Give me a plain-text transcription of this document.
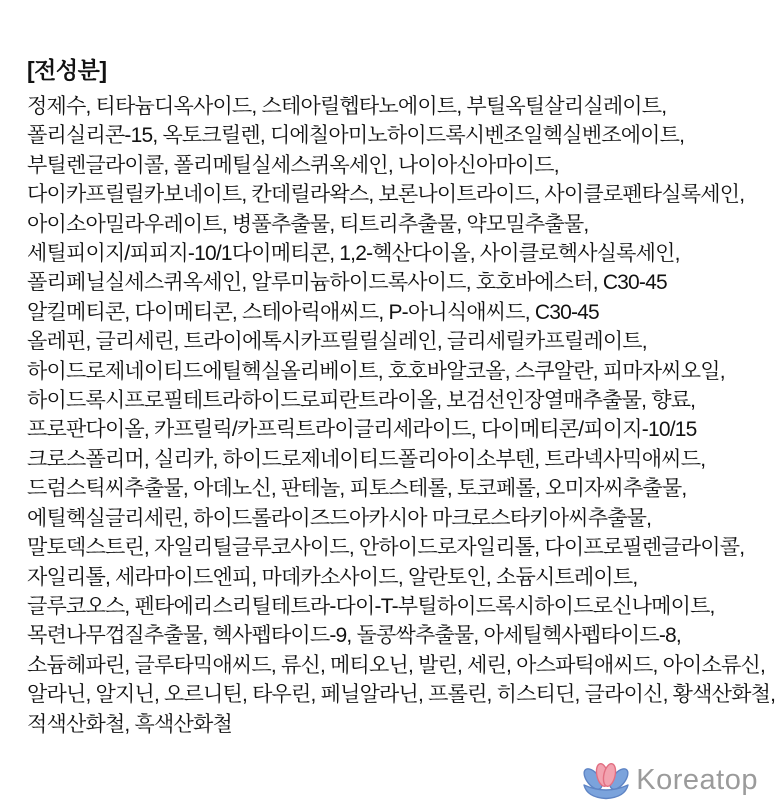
[전성분]
정제수, 티타늄디옥사이드, 스테아릴헵타노에이트, 부틸옥틸살리실레이트,
폴리실리콘-15, 옥토크릴렌, 디에칠아미노하이드록시벤조일헥실벤조에이트,
부틸렌글라이콜, 폴리메틸실세스퀴옥세인, 나이아신아마이드,
다이카프릴릴카보네이트, 칸데릴라왁스, 보론나이트라이드, 사이클로펜타실록세인,
아이소아밀라우레이트, 병풀추출물, 티트리추출물, 약모밀추출물,
세틸피이지/피피지-10/1다이메티콘, 1,2-헥산다이올, 사이클로헥사실록세인,
폴리페닐실세스퀴옥세인, 알루미늄하이드록사이드, 호호바에스터, C30-45
알킬메티콘, 다이메티콘, 스테아릭애씨드, P-아니식애씨드, C30-45
올레핀, 글리세린, 트라이에톡시카프릴릴실레인, 글리세릴카프릴레이트,
하이드로제네이티드에틸헥실올리베이트, 호호바알코올, 스쿠알란, 피마자씨오일,
하이드록시프로필테트라하이드로피란트라이올, 보검선인장열매추출물, 향료,
프로판다이올, 카프릴릭/카프릭트라이글리세라이드, 다이메티콘/피이지-10/15
크로스폴리머, 실리카, 하이드로제네이티드폴리아이소부텐, 트라넥사믹애씨드,
드럼스틱씨추출물, 아데노신, 판테놀, 피토스테롤, 토코페롤, 오미자씨추출물,
에틸헥실글리세린, 하이드롤라이즈드아카시아 마크로스타키아씨추출물,
말토덱스트린, 자일리틸글루코사이드, 안하이드로자일리톨, 다이프로필렌글라이콜,
자일리톨, 세라마이드엔피, 마데카소사이드, 알란토인, 소듐시트레이트,
글루코오스, 펜타에리스리틸테트라-다이-T-부틸하이드록시하이드로신나메이트,
목련나무껍질추출물, 헥사펩타이드-9, 돌콩싹추출물, 아세틸헥사펩타이드-8,
소듐헤파린, 글루타믹애씨드, 류신, 메티오닌, 발린, 세린, 아스파틱애씨드, 아이소류신,
알라닌, 알지닌, 오르니틴, 타우린, 페닐알라닌, 프롤린, 히스티딘, 글라이신, 황색산화철,
적색산화철, 흑색산화철
Koreatop
